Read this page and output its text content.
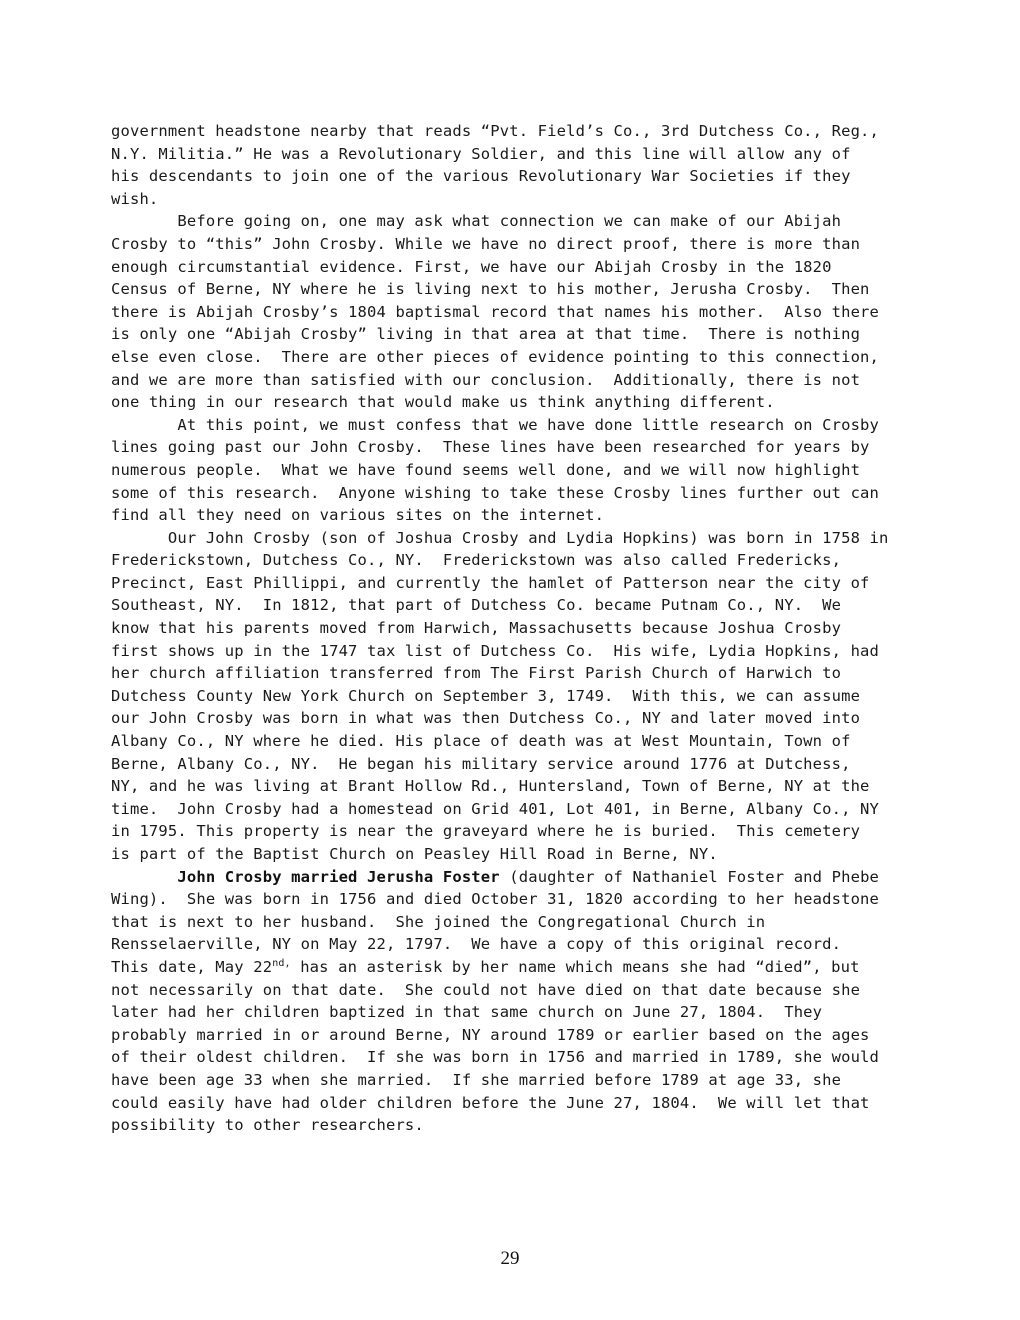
government headstone nearby that reads “Pvt. Field’s Co., 3rd Dutchess Co., Reg.,
N.Y. Militia.” He was a Revolutionary Soldier, and this line will allow any of
his descendants to join one of the various Revolutionary War Societies if they
wish.
Before going on, one may ask what connection we can make of our Abijah
Crosby to “this” John Crosby. While we have no direct proof, there is more than
enough circumstantial evidence. First, we have our Abijah Crosby in the 1820
Census of Berne, NY where he is living next to his mother, Jerusha Crosby.  Then
there is Abijah Crosby’s 1804 baptismal record that names his mother.  Also there
is only one “Abijah Crosby” living in that area at that time.  There is nothing
else even close.  There are other pieces of evidence pointing to this connection,
and we are more than satisfied with our conclusion.  Additionally, there is not
one thing in our research that would make us think anything different.
At this point, we must confess that we have done little research on Crosby
lines going past our John Crosby.  These lines have been researched for years by
numerous people.  What we have found seems well done, and we will now highlight
some of this research.  Anyone wishing to take these Crosby lines further out can
find all they need on various sites on the internet.
Our John Crosby (son of Joshua Crosby and Lydia Hopkins) was born in 1758 in
Frederickstown, Dutchess Co., NY.  Frederickstown was also called Fredericks,
Precinct, East Phillippi, and currently the hamlet of Patterson near the city of
Southeast, NY.  In 1812, that part of Dutchess Co. became Putnam Co., NY.  We
know that his parents moved from Harwich, Massachusetts because Joshua Crosby
first shows up in the 1747 tax list of Dutchess Co.  His wife, Lydia Hopkins, had
her church affiliation transferred from The First Parish Church of Harwich to
Dutchess County New York Church on September 3, 1749.  With this, we can assume
our John Crosby was born in what was then Dutchess Co., NY and later moved into
Albany Co., NY where he died. His place of death was at West Mountain, Town of
Berne, Albany Co., NY.  He began his military service around 1776 at Dutchess,
NY, and he was living at Brant Hollow Rd., Huntersland, Town of Berne, NY at the
time.  John Crosby had a homestead on Grid 401, Lot 401, in Berne, Albany Co., NY
in 1795. This property is near the graveyard where he is buried.  This cemetery
is part of the Baptist Church on Peasley Hill Road in Berne, NY.
John Crosby married Jerusha Foster (daughter of Nathaniel Foster and Phebe
Wing).  She was born in 1756 and died October 31, 1820 according to her headstone
that is next to her husband.  She joined the Congregational Church in
Rensselaerville, NY on May 22, 1797.  We have a copy of this original record.
This date, May $22^{nd,}$ has an asterisk by her name which means she had “died”, but
not necessarily on that date.  She could not have died on that date because she
later had her children baptized in that same church on June 27, 1804.  They
probably married in or around Berne, NY around 1789 or earlier based on the ages
of their oldest children.  If she was born in 1756 and married in 1789, she would
have been age 33 when she married.  If she married before 1789 at age 33, she
could easily have had older children before the June 27, 1804.  We will let that
possibility to other researchers.
29
